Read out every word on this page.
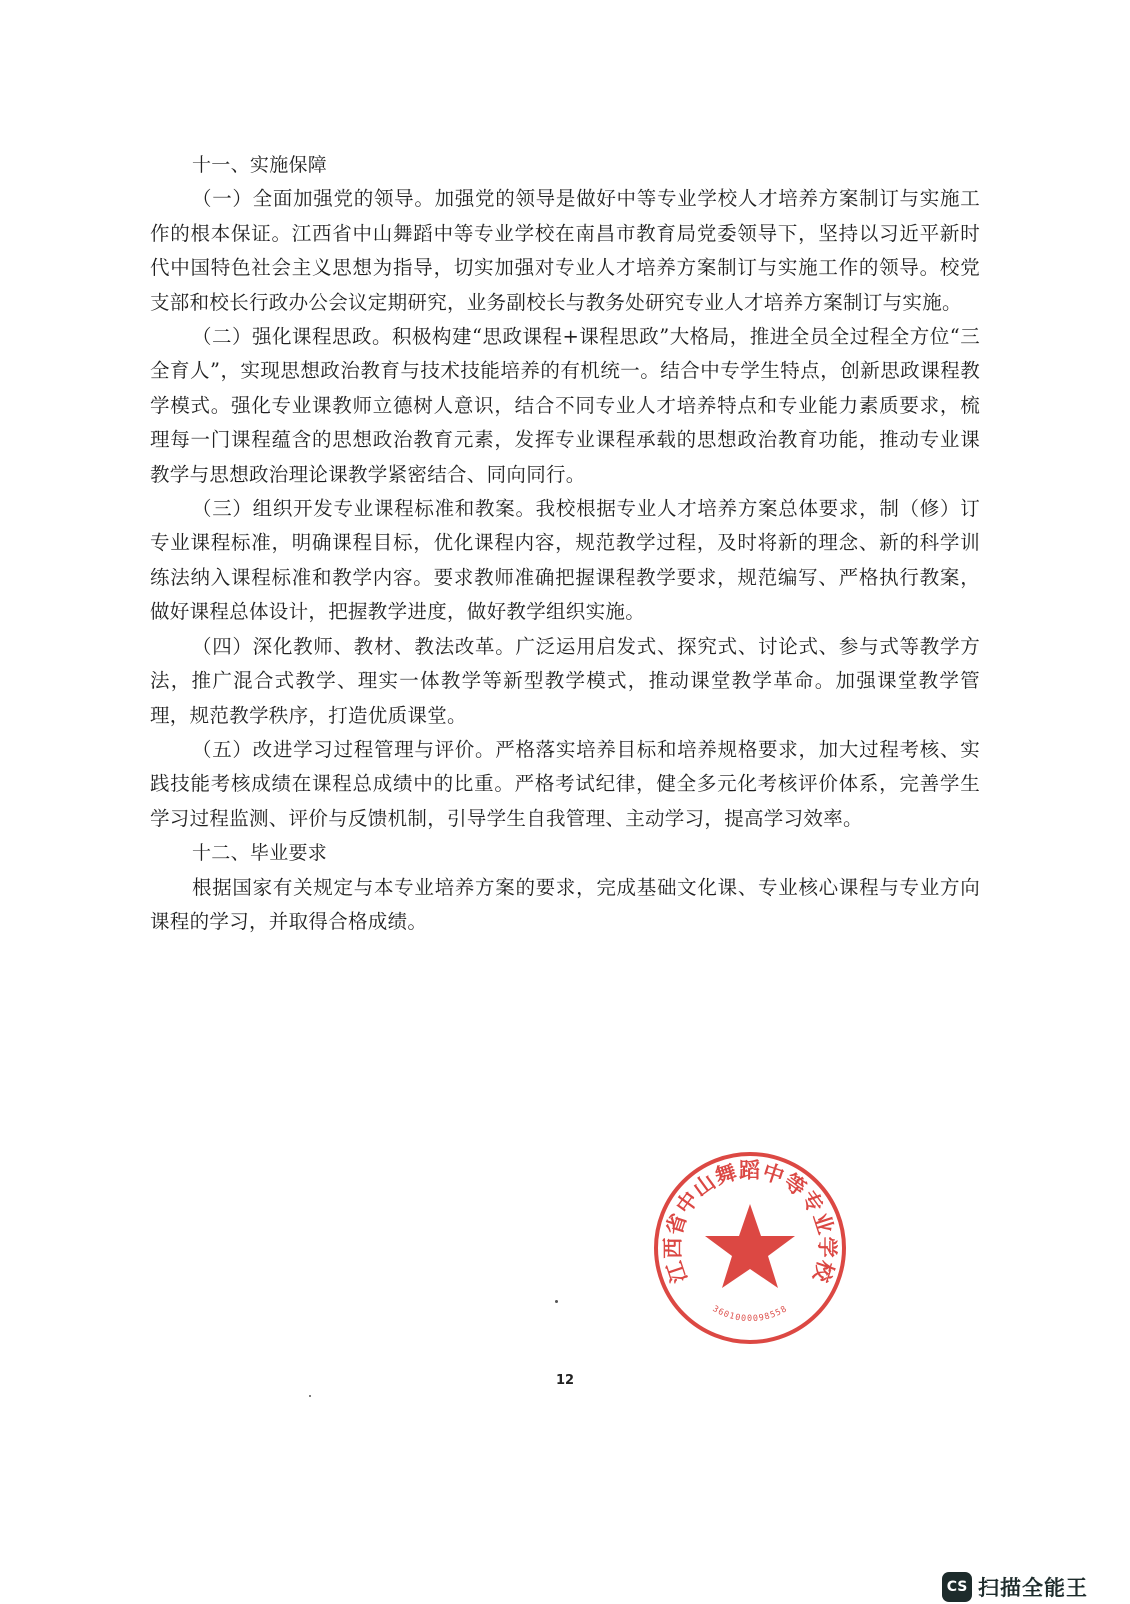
十一、实施保障

（一）全面加强党的领导。加强党的领导是做好中等专业学校人才培养方案制订与实施工作的根本保证。江西省中山舞蹈中等专业学校在南昌市教育局党委领导下，坚持以习近平新时代中国特色社会主义思想为指导，切实加强对专业人才培养方案制订与实施工作的领导。校党支部和校长行政办公会议定期研究，业务副校长与教务处研究专业人才培养方案制订与实施。

（二）强化课程思政。积极构建“思政课程+课程思政”大格局，推进全员全过程全方位“三全育人”，实现思想政治教育与技术技能培养的有机统一。结合中专学生特点，创新思政课程教学模式。强化专业课教师立德树人意识，结合不同专业人才培养特点和专业能力素质要求，梳理每一门课程蕴含的思想政治教育元素，发挥专业课程承载的思想政治教育功能，推动专业课教学与思想政治理论课教学紧密结合、同向同行。

（三）组织开发专业课程标准和教案。我校根据专业人才培养方案总体要求，制（修）订专业课程标准，明确课程目标，优化课程内容，规范教学过程，及时将新的理念、新的科学训练法纳入课程标准和教学内容。要求教师准确把握课程教学要求，规范编写、严格执行教案，做好课程总体设计，把握教学进度，做好教学组织实施。

（四）深化教师、教材、教法改革。广泛运用启发式、探究式、讨论式、参与式等教学方法，推广混合式教学、理实一体教学等新型教学模式，推动课堂教学革命。加强课堂教学管理，规范教学秩序，打造优质课堂。

（五）改进学习过程管理与评价。严格落实培养目标和培养规格要求，加大过程考核、实践技能考核成绩在课程总成绩中的比重。严格考试纪律，健全多元化考核评价体系，完善学生学习过程监测、评价与反馈机制，引导学生自我管理、主动学习，提高学习效率。

十二、毕业要求

根据国家有关规定与本专业培养方案的要求，完成基础文化课、专业核心课程与专业方向课程的学习，并取得合格成绩。

12
江西省中山舞蹈中等专业学校
3601000098558
CS 扫描全能王
